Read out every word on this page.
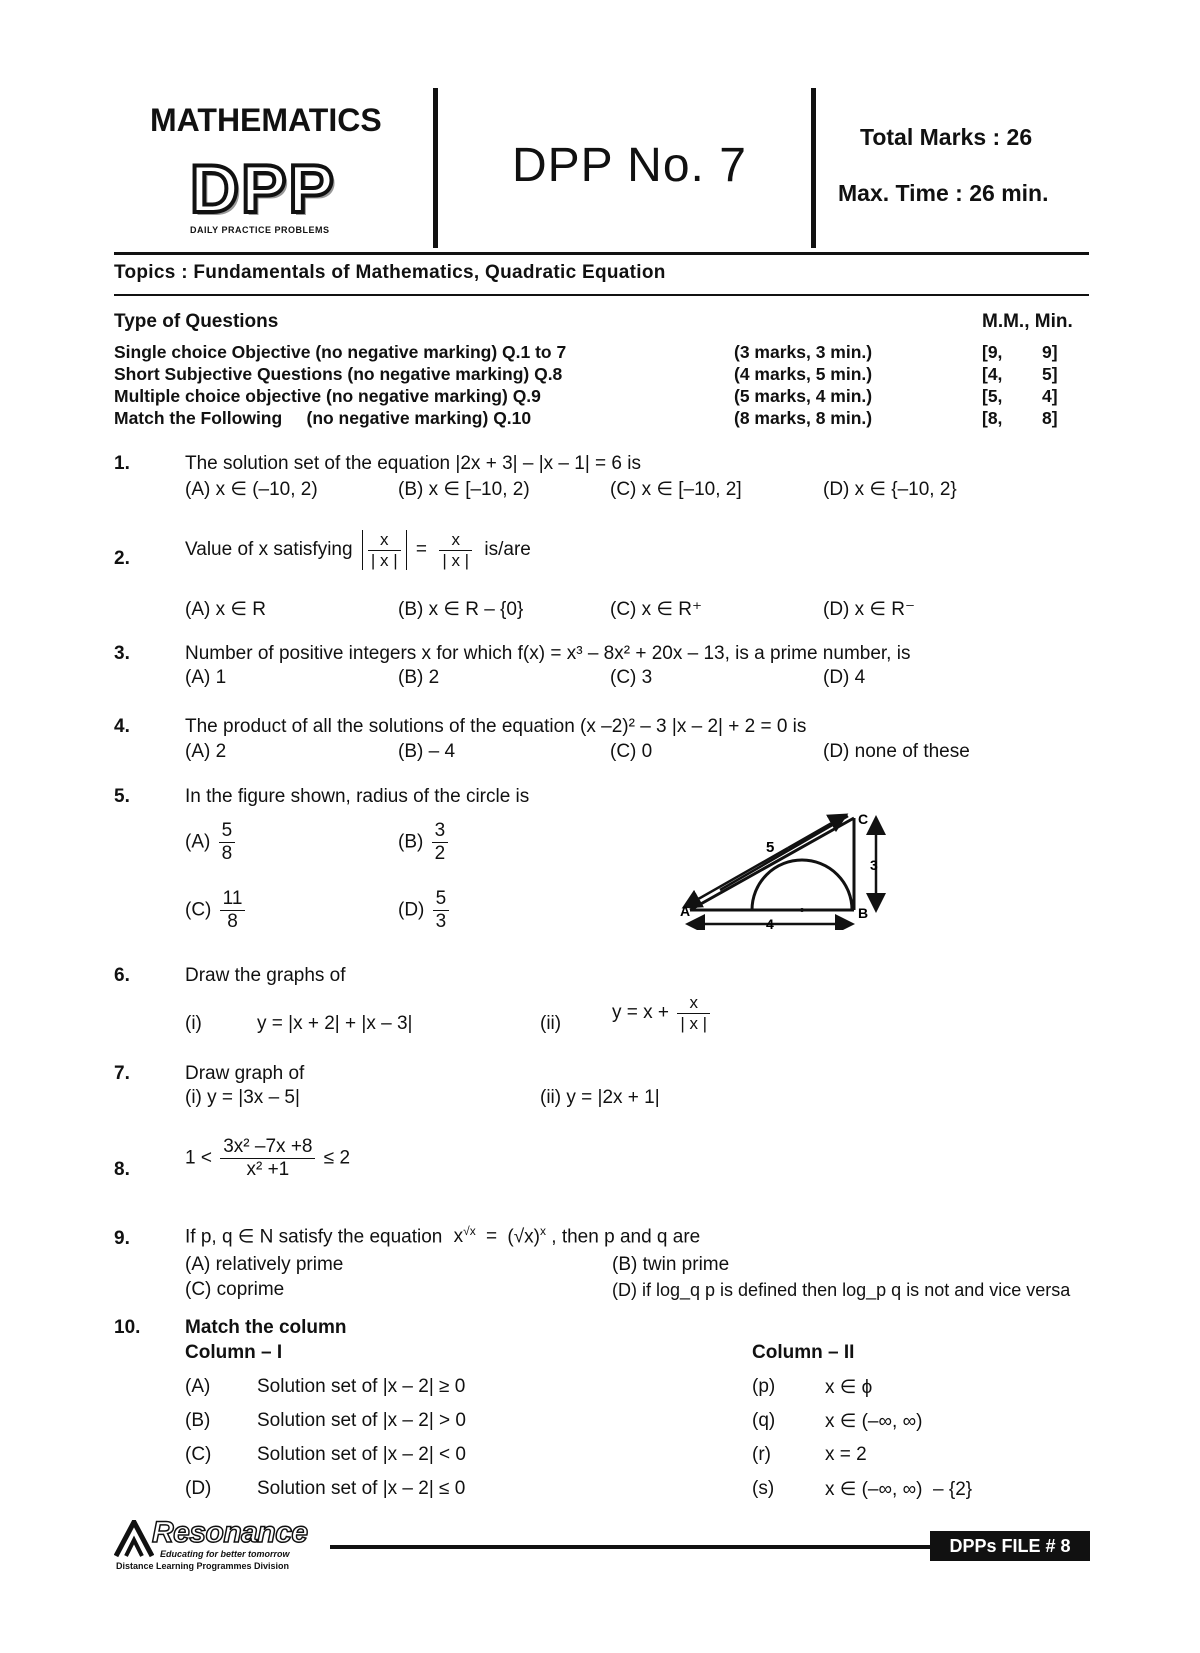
MATHEMATICS
DPP
DAILY PRACTICE PROBLEMS
DPP No. 7
Total Marks : 26
Max. Time : 26 min.
Topics : Fundamentals of Mathematics, Quadratic Equation
Type of Questions	M.M., Min.
Single choice Objective (no negative marking) Q.1 to 7	(3 marks, 3 min.)	[9, 9]
Short Subjective Questions (no negative marking) Q.8	(4 marks, 5 min.)	[4, 5]
Multiple choice objective (no negative marking) Q.9	(5 marks, 4 min.)	[5, 4]
Match the Following     (no negative marking) Q.10	(8 marks, 8 min.)	[8, 8]
1.	The solution set of the equation |2x + 3| – |x – 1| = 6 is
(A) x ∈ (–10, 2)	(B) x ∈ [–10, 2)	(C) x ∈ [–10, 2]	(D) x ∈ {–10, 2}
2.	Value of x satisfying $\frac{x}{| x |} = \frac{x}{| x |} is/are$
(A) x ∈ R	(B) x ∈ R – {0}	(C) x ∈ R⁺	(D) x ∈ R⁻
3.	Number of positive integers x for which f(x) = x³ – 8x² + 20x – 13, is a prime number, is
(A) 1	(B) 2	(C) 3	(D) 4
4.	The product of all the solutions of the equation (x –2)² – 3 |x – 2| + 2 = 0 is
(A) 2	(B) – 4	(C) 0	(D) none of these
5.	In the figure shown, radius of the circle is
$(A) \frac{5}{8}$	$(B) \frac{3}{2}$
$(C) \frac{11}{8}$	$(D) \frac{5}{3}$	A	B
C
5
4
3
6.	Draw the graphs of
(i)	y = |x + 2| + |x – 3|	(ii)
$y = x + \frac{x}{| x |}$
7.	Draw graph of
(i) y = |3x – 5|	(ii) y = |2x + 1|
8.
$1 < \frac{\text{3x² –7x +8}}{\text{x² +1}} \le 2$
9.	If p, q ∈ N satisfy the equation $x^{√x} = (√x)^x$ , then p and q are
(A) relatively prime	(B) twin prime
(C) coprime	(D) if log_q p is defined then log_p q is not and vice versa
10. Match the column
Column – I	Column – II
(A) Solution set of |x – 2| ≥ 0	(p)	x ∈ ϕ
(B) Solution set of |x – 2| > 0	(q)	x ∈ (–∞, ∞)
(C) Solution set of |x – 2| < 0	(r)	x = 2
(D) Solution set of |x – 2| ≤ 0	(s)	x ∈ (–∞, ∞)  – {2}
Resonance
Educating for better tomorrow
Distance Learning Programmes Division
DPPs FILE # 8
